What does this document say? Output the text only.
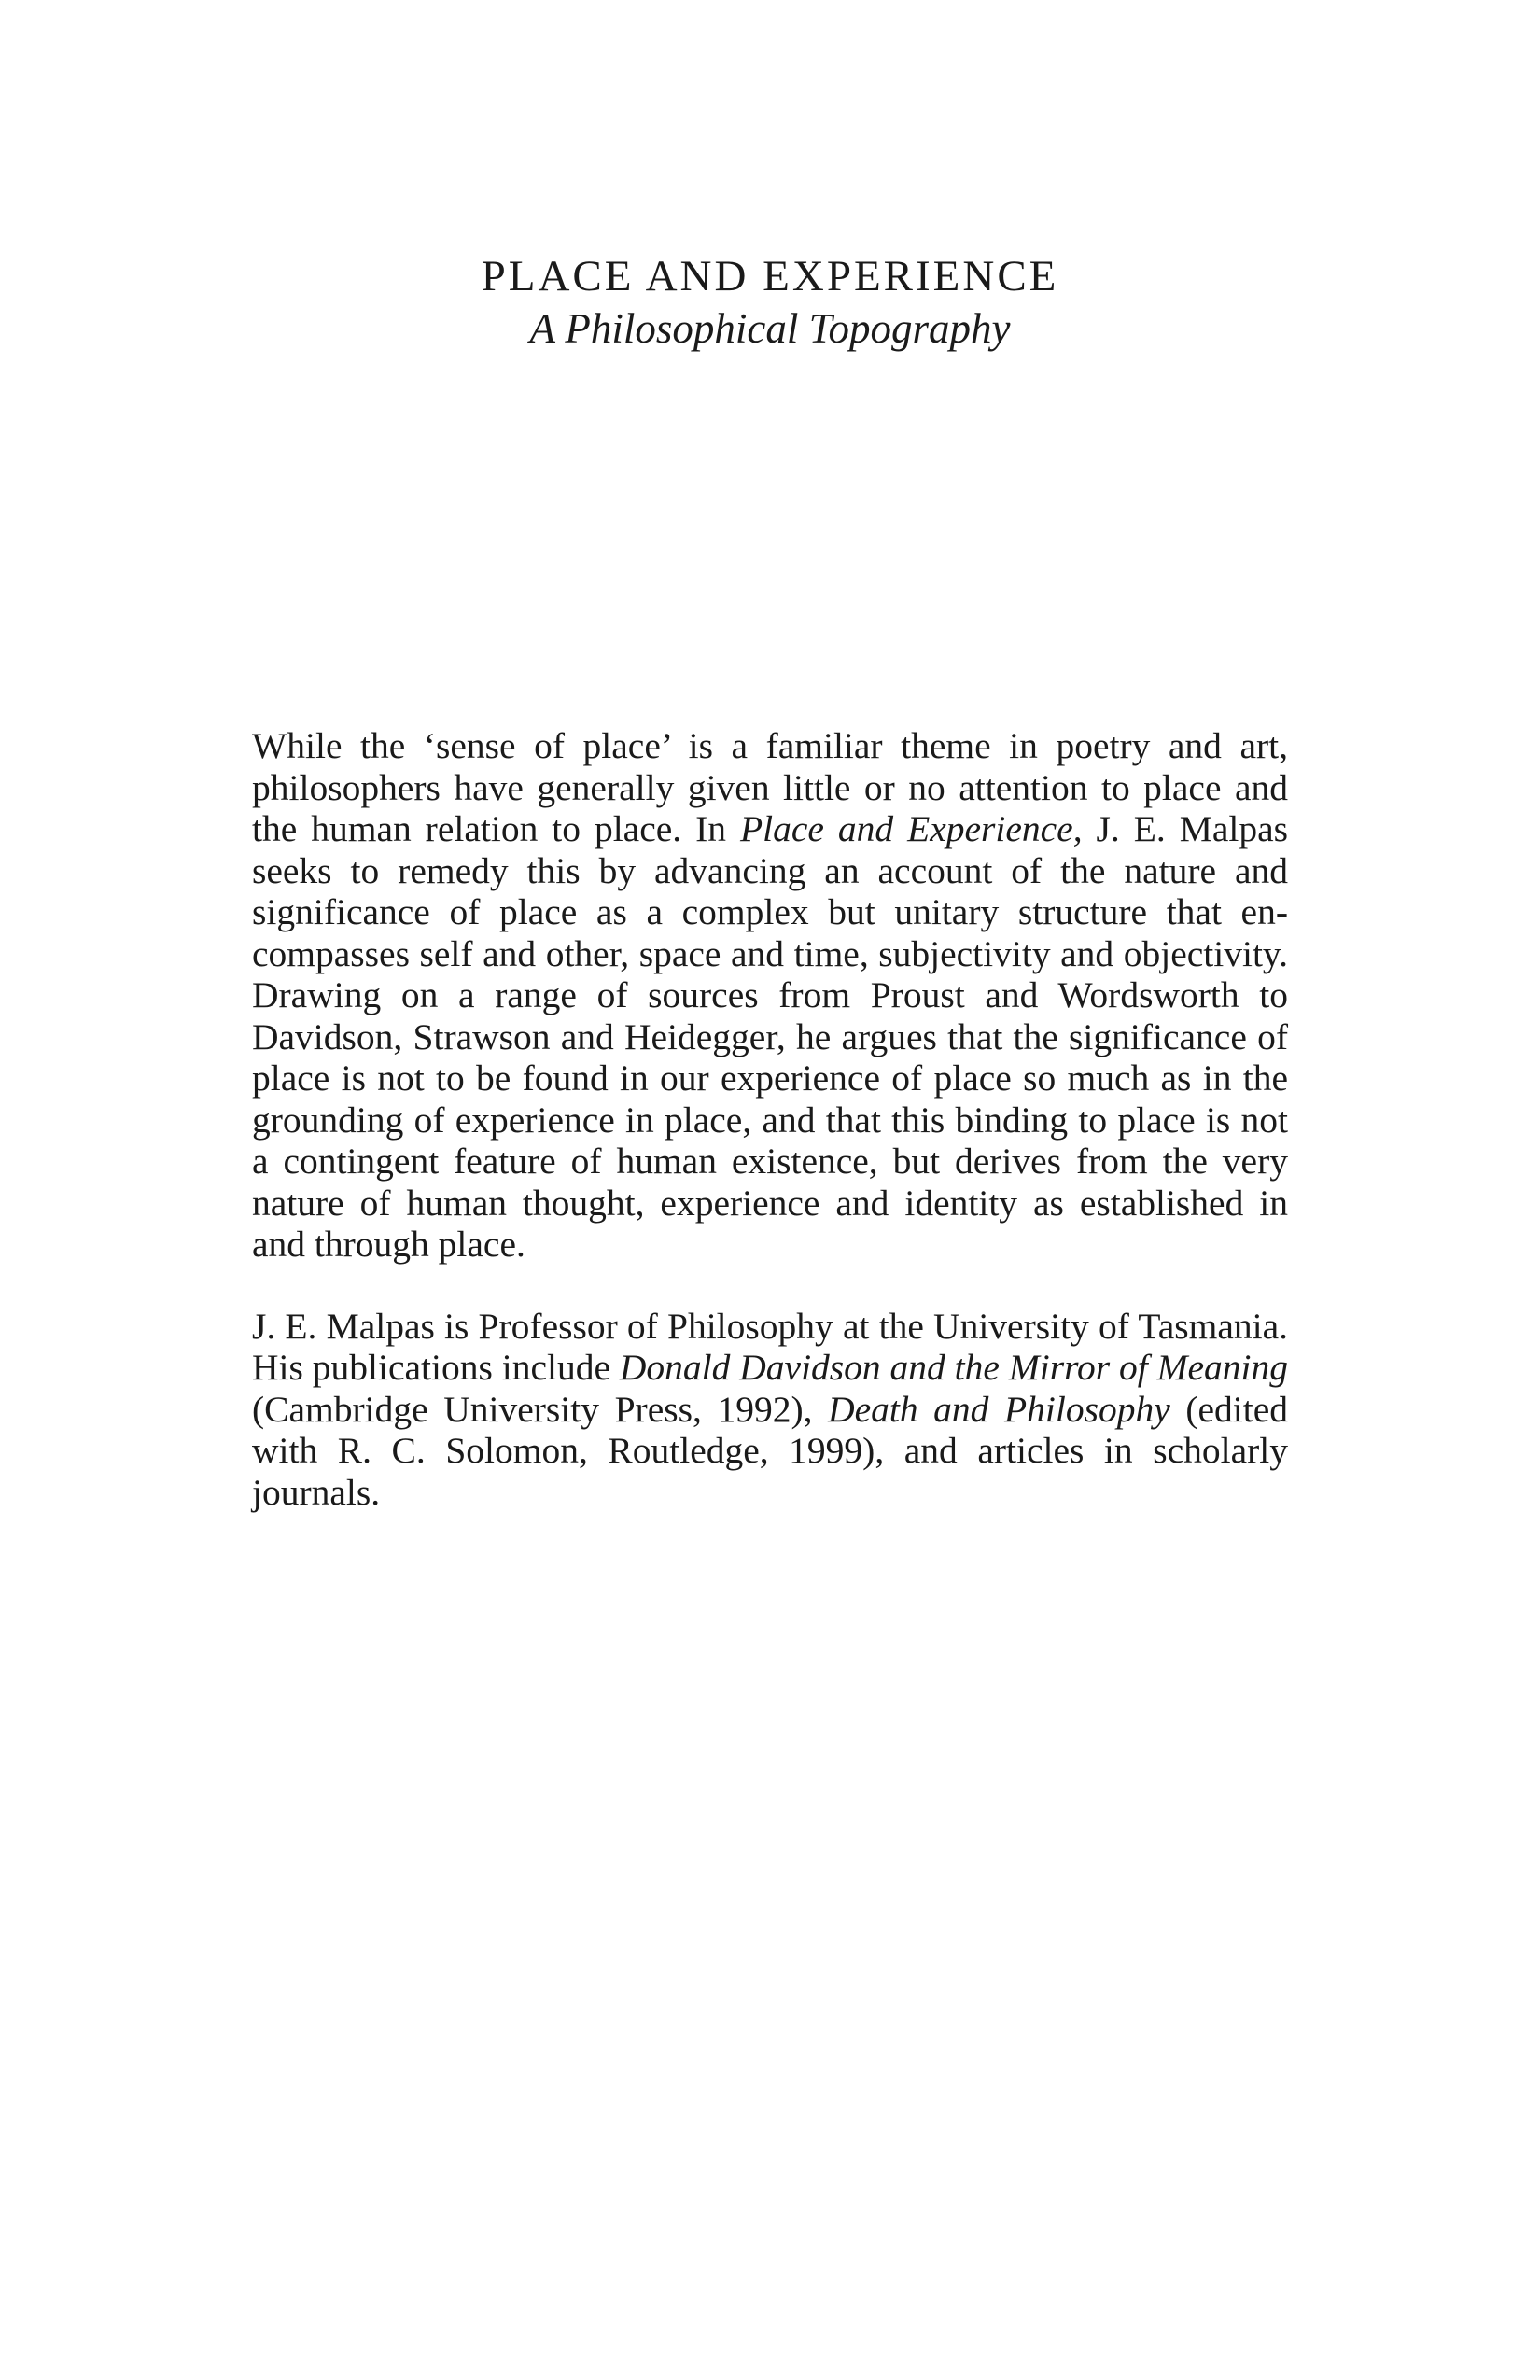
PLACE AND EXPERIENCE
A Philosophical Topography

While the ‘sense of place’ is a familiar theme in poetry and art, philosophers have generally given little or no attention to place and the human relation to place. In Place and Experience, J. E. Malpas seeks to remedy this by advancing an account of the nature and significance of place as a complex but unitary structure that encompasses self and other, space and time, subjectivity and objectivity. Drawing on a range of sources from Proust and Wordsworth to Davidson, Strawson and Heidegger, he argues that the significance of place is not to be found in our experience of place so much as in the grounding of experience in place, and that this binding to place is not a contingent feature of human existence, but derives from the very nature of human thought, experience and identity as established in and through place.

J. E. Malpas is Professor of Philosophy at the University of Tasmania. His publications include Donald Davidson and the Mirror of Meaning (Cambridge University Press, 1992), Death and Philosophy (edited with R. C. Solomon, Routledge, 1999), and articles in scholarly journals.
